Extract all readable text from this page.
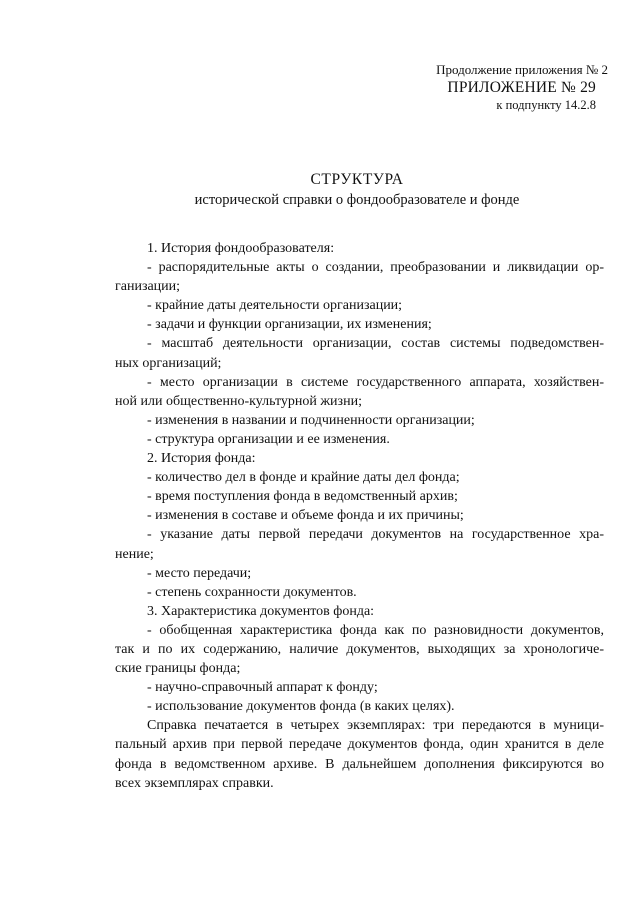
Продолжение приложения № 2
ПРИЛОЖЕНИЕ № 29
к подпункту 14.2.8
СТРУКТУРА
исторической справки о фондообразователе и фонде
1. История фондообразователя:
- распорядительные акты о создании, преобразовании и ликвидации ор-
ганизации;
- крайние даты деятельности организации;
- задачи и функции организации, их изменения;
- масштаб деятельности организации, состав системы подведомствен-
ных организаций;
- место организации в системе государственного аппарата, хозяйствен-
ной или общественно-культурной жизни;
- изменения в названии и подчиненности организации;
- структура организации и ее изменения.
2. История фонда:
- количество дел в фонде и крайние даты дел фонда;
- время поступления фонда в ведомственный архив;
- изменения в составе и объеме фонда и их причины;
- указание даты первой передачи документов на государственное хра-
нение;
- место передачи;
- степень сохранности документов.
3. Характеристика документов фонда:
- обобщенная характеристика фонда как по разновидности документов,
так и по их содержанию, наличие документов, выходящих за хронологиче-
ские границы фонда;
- научно-справочный аппарат к фонду;
- использование документов фонда (в каких целях).
Справка печатается в четырех экземплярах: три передаются в муници-
пальный архив при первой передаче документов фонда, один хранится в деле
фонда в ведомственном архиве. В дальнейшем дополнения фиксируются во
всех экземплярах справки.
